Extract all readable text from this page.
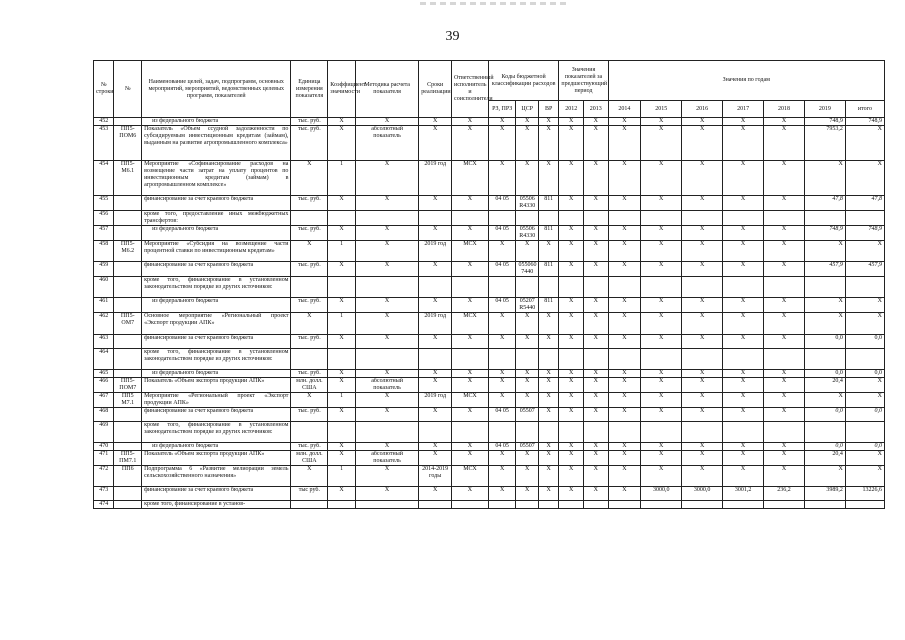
39
№ строки	№	Наименование целей, задач, подпрограмм, основных мероприятий, мероприятий, ведомственных целевых программ, показателей	Единица измерения показателя	Коэффициент значимости	Методика расчета показателя	Сроки реализации	Ответственный исполнитель и соисполнители	Коды бюджетной классификации расходов			Значения показателей за предшествующий период		Значения по годам						

								РЗ, ПРЗ	ЦСР	ВР	2012	2013	2014	2015	2016	2017	2018	2019	итого
452		из федерального бюджета	тыс. руб.	X	X	X	X	X	X	X	X	X	X	X	X	X	X	748,9	748,9
453	ПП5-ПОМ6	Показатель «Объем ссудной задолженности по субсидируемым инвестиционным кредитам (займам), выданным на развитие агропромышленного комплекса»	тыс. руб.	X	абсолютный показатель	X	X	X	X	X	X	X	X	X	X	X	X	7953,2	X
454	ПП5-М6.1	Мероприятие «Софинансирование расходов на возмещение части затрат на уплату процентов по инвестиционным кредитам (займам) в агропромышленном комплексе»	X	1	X	2019 год	МСХ	X	X	X	X	X	X	X	X	X	X	X	X
455		финансирование за счет краевого бюджета	тыс. руб.	X	X	X	X	04 05	05506 R4330	811	X	X	X	X	X	X	X	47,8	47,8
456		кроме того, предоставление иных межбюджетных трансфертов:																	
457		из федерального бюджета	тыс. руб.	X	X	X	X	04 05	05506 R4330	811	X	X	X	X	X	X	X	748,9	748,9
458	ПП5-М6.2	Мероприятие «Субсидия на возмещение части процентной ставки по инвестиционным кредитам»	X	1	X	2019 год	МСХ	X	X	X	X	X	X	X	X	X	X	X	X
459		финансирование за счет краевого бюджета	тыс. руб.	X	X	X	X	04 05	055060 7440	811	X	X	X	X	X	X	X	457,9	457,9
460		кроме того, финансирование в установленном законодательством порядке из других источников:																	
461		из федерального бюджета	тыс. руб.	X	X	X	X	04 05	05207 R5440	811	X	X	X	X	X	X	X	X	X
462	ПП5-ОМ7	Основное мероприятие «Региональный проект «Экспорт продукции АПК»	X	1	X	2019 год	МСХ	X	X	X	X	X	X	X	X	X	X	X	X
463		финансирование за счет краевого бюджета	тыс. руб.	X	X	X	X	X	X	X	X	X	X	X	X	X	X	0,0	0,0
464		кроме того, финансирование в установленном законодательством порядке из других источников:																	
465		из федерального бюджета	тыс. руб.	X	X	X	X	X	X	X	X	X	X	X	X	X	X	0,0	0,0
466	ПП5-ПОМ7	Показатель «Объем экспорта продукции АПК»	млн. долл. США	X	абсолютный показатель	X	X	X	X	X	X	X	X	X	X	X	X	20,4	X
467	ПП5 М7.1	Мероприятие «Региональный проект «Экспорт продукции АПК»	X	1	X	2019 год	МСХ	X	X	X	X	X	X	X	X	X	X	X	X
468		финансирование за счет краевого бюджета	тыс. руб.	X	X	X	X	04 05	05507	X	X	X	X	X	X	X	X	0,0	0,0
469		кроме того, финансирование в установленном законодательством порядке из других источников:																	
470		из федерального бюджета	тыс. руб.	X	X	X	X	04 05	05507	X	X	X	X	X	X	X	X	0,0	0,0
471	ПП5-ПМ7.1	Показатель «Объем экспорта продукции АПК»	млн. долл. США	X	абсолютный показатель	X	X	X	X	X	X	X	X	X	X	X	X	20,4	X
472	ПП6	Подпрограмма 6 «Развитие мелиорации земель сельскохозяйственного назначения»	X	1	X	2014-2019 годы	МСХ	X	X	X	X	X	X	X	X	X	X	X	X
473		финансирование за счет краевого бюджета	тыс руб.	X	X	X	X	X	X	X	X	X	X	3000,0	3000,0	3001,2	236,2	3989,2	13226,6
474		кроме того, финансирование в установ-																	
